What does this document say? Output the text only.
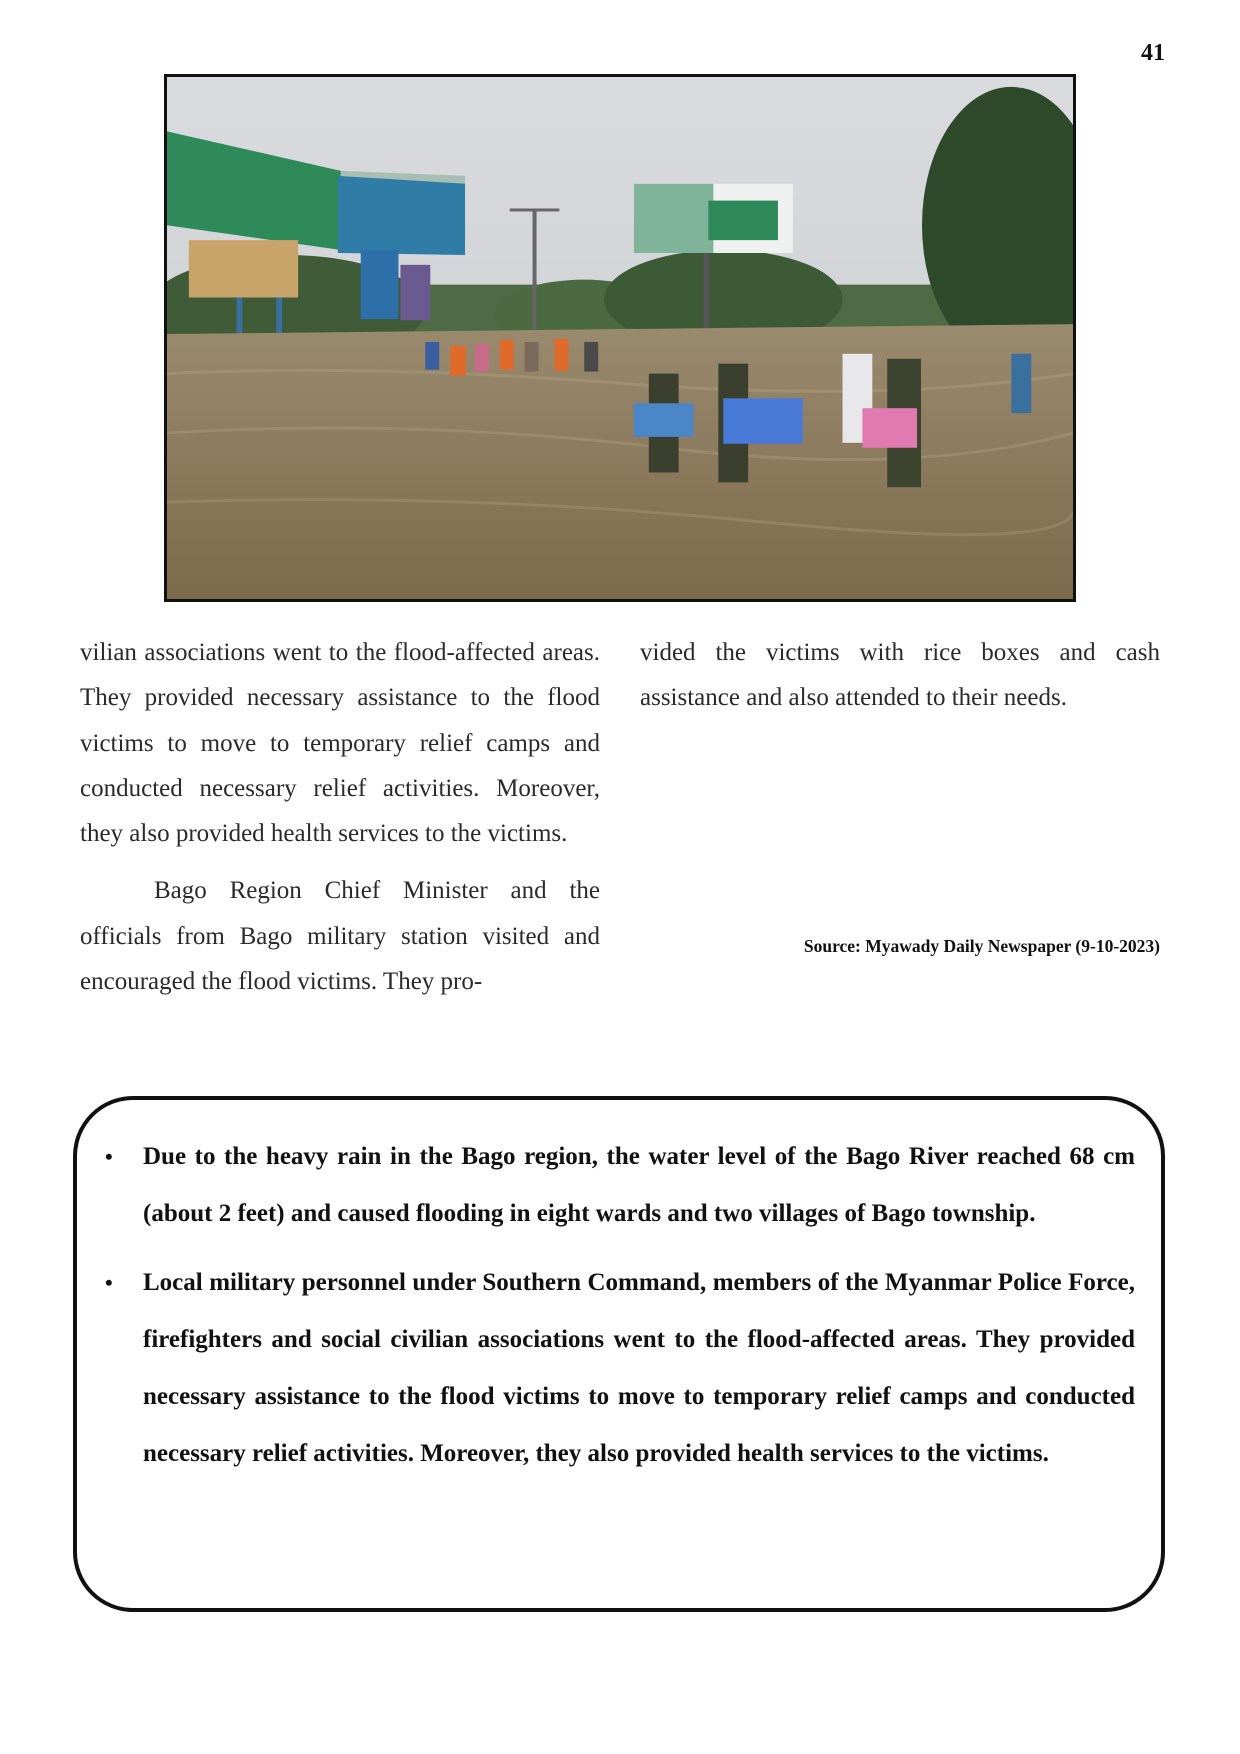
41

vilian associations went to the flood-affected areas. They provided necessary assistance to the flood victims to move to temporary relief camps and conducted necessary relief activities. Moreover, they also provided health services to the victims.

Bago Region Chief Minister and the officials from Bago military station visited and encouraged the flood victims. They pro-

vided the victims with rice boxes and cash assistance and also attended to their needs.

Source: Myawady Daily Newspaper (9-10-2023)
• Due to the heavy rain in the Bago region, the water level of the Bago River reached 68 cm (about 2 feet) and caused flooding in eight wards and two villages of Bago township.
• Local military personnel under Southern Command, members of the Myanmar Police Force, firefighters and social civilian associations went to the flood-affected areas. They provided necessary assistance to the flood victims to move to temporary relief camps and conducted necessary relief activities. Moreover, they also provided health services to the victims.
